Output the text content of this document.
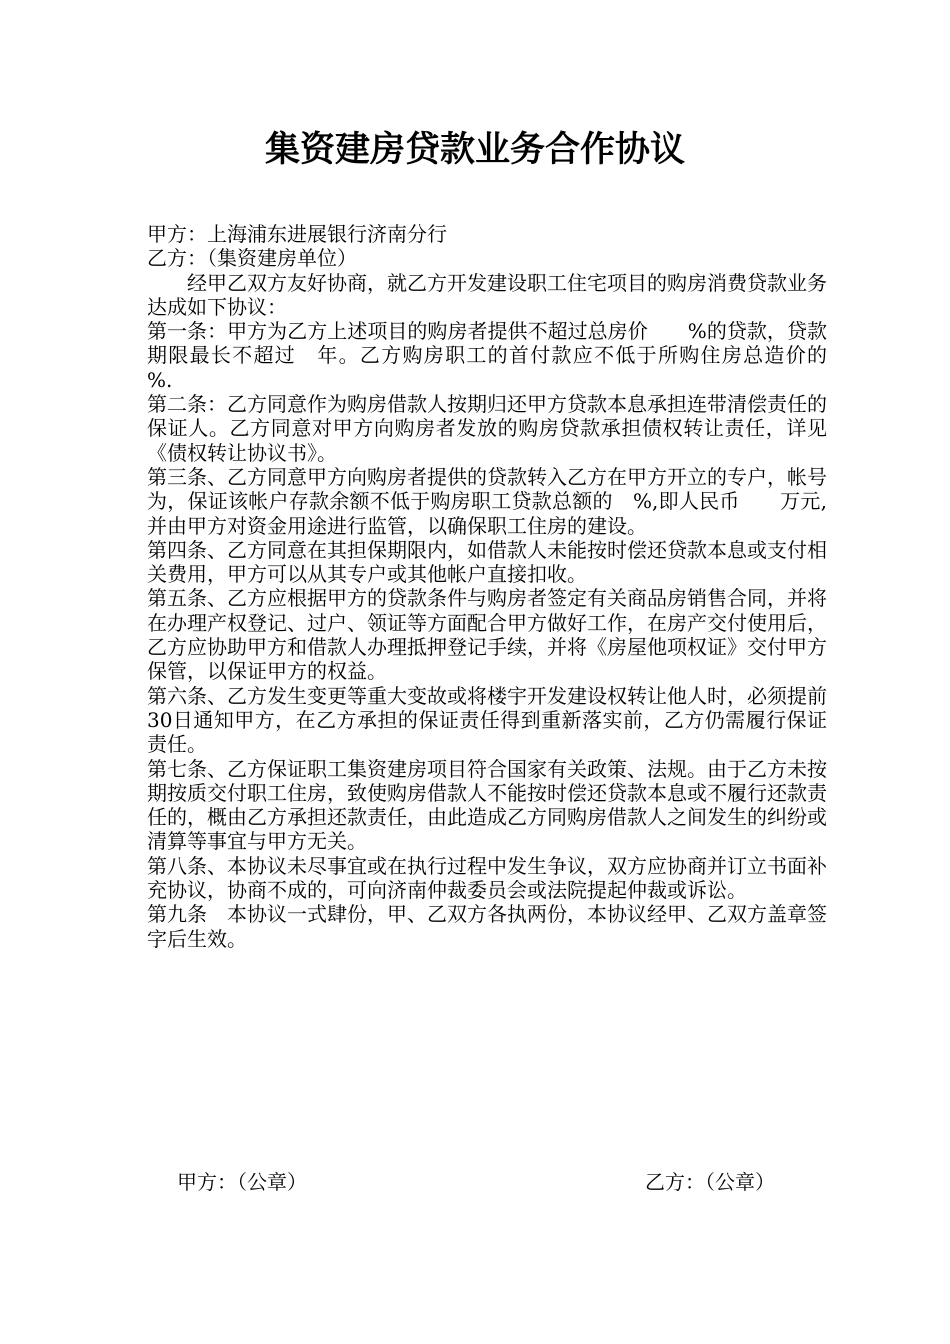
集资建房贷款业务合作协议

甲方：上海浦东进展银行济南分行

乙方：（集资建房单位）

经甲乙双方友好协商，就乙方开发建设职工住宅项目的购房消费贷款业务达成如下协议：

第一条：甲方为乙方上述项目的购房者提供不超过总房价　　%的贷款，贷款期限最长不超过　年。乙方购房职工的首付款应不低于所购住房总造价的　%.

第二条：乙方同意作为购房借款人按期归还甲方贷款本息承担连带清偿责任的保证人。乙方同意对甲方向购房者发放的购房贷款承担债权转让责任，详见《债权转让协议书》。

第三条、乙方同意甲方向购房者提供的贷款转入乙方在甲方开立的专户，帐号为，保证该帐户存款余额不低于购房职工贷款总额的　%,即人民币　　万元,并由甲方对资金用途进行监管，以确保职工住房的建设。

第四条、乙方同意在其担保期限内，如借款人未能按时偿还贷款本息或支付相关费用，甲方可以从其专户或其他帐户直接扣收。

第五条、乙方应根据甲方的贷款条件与购房者签定有关商品房销售合同，并将在办理产权登记、过户、领证等方面配合甲方做好工作，在房产交付使用后，乙方应协助甲方和借款人办理抵押登记手续，并将《房屋他项权证》交付甲方保管，以保证甲方的权益。

第六条、乙方发生变更等重大变故或将楼宇开发建设权转让他人时，必须提前30日通知甲方，在乙方承担的保证责任得到重新落实前，乙方仍需履行保证责任。

第七条、乙方保证职工集资建房项目符合国家有关政策、法规。由于乙方未按期按质交付职工住房，致使购房借款人不能按时偿还贷款本息或不履行还款责任的，概由乙方承担还款责任，由此造成乙方同购房借款人之间发生的纠纷或清算等事宜与甲方无关。

第八条、本协议未尽事宜或在执行过程中发生争议，双方应协商并订立书面补充协议，协商不成的，可向济南仲裁委员会或法院提起仲裁或诉讼。

第九条　本协议一式肆份，甲、乙双方各执两份，本协议经甲、乙双方盖章签字后生效。

甲方：（公章）	乙方：（公章）
